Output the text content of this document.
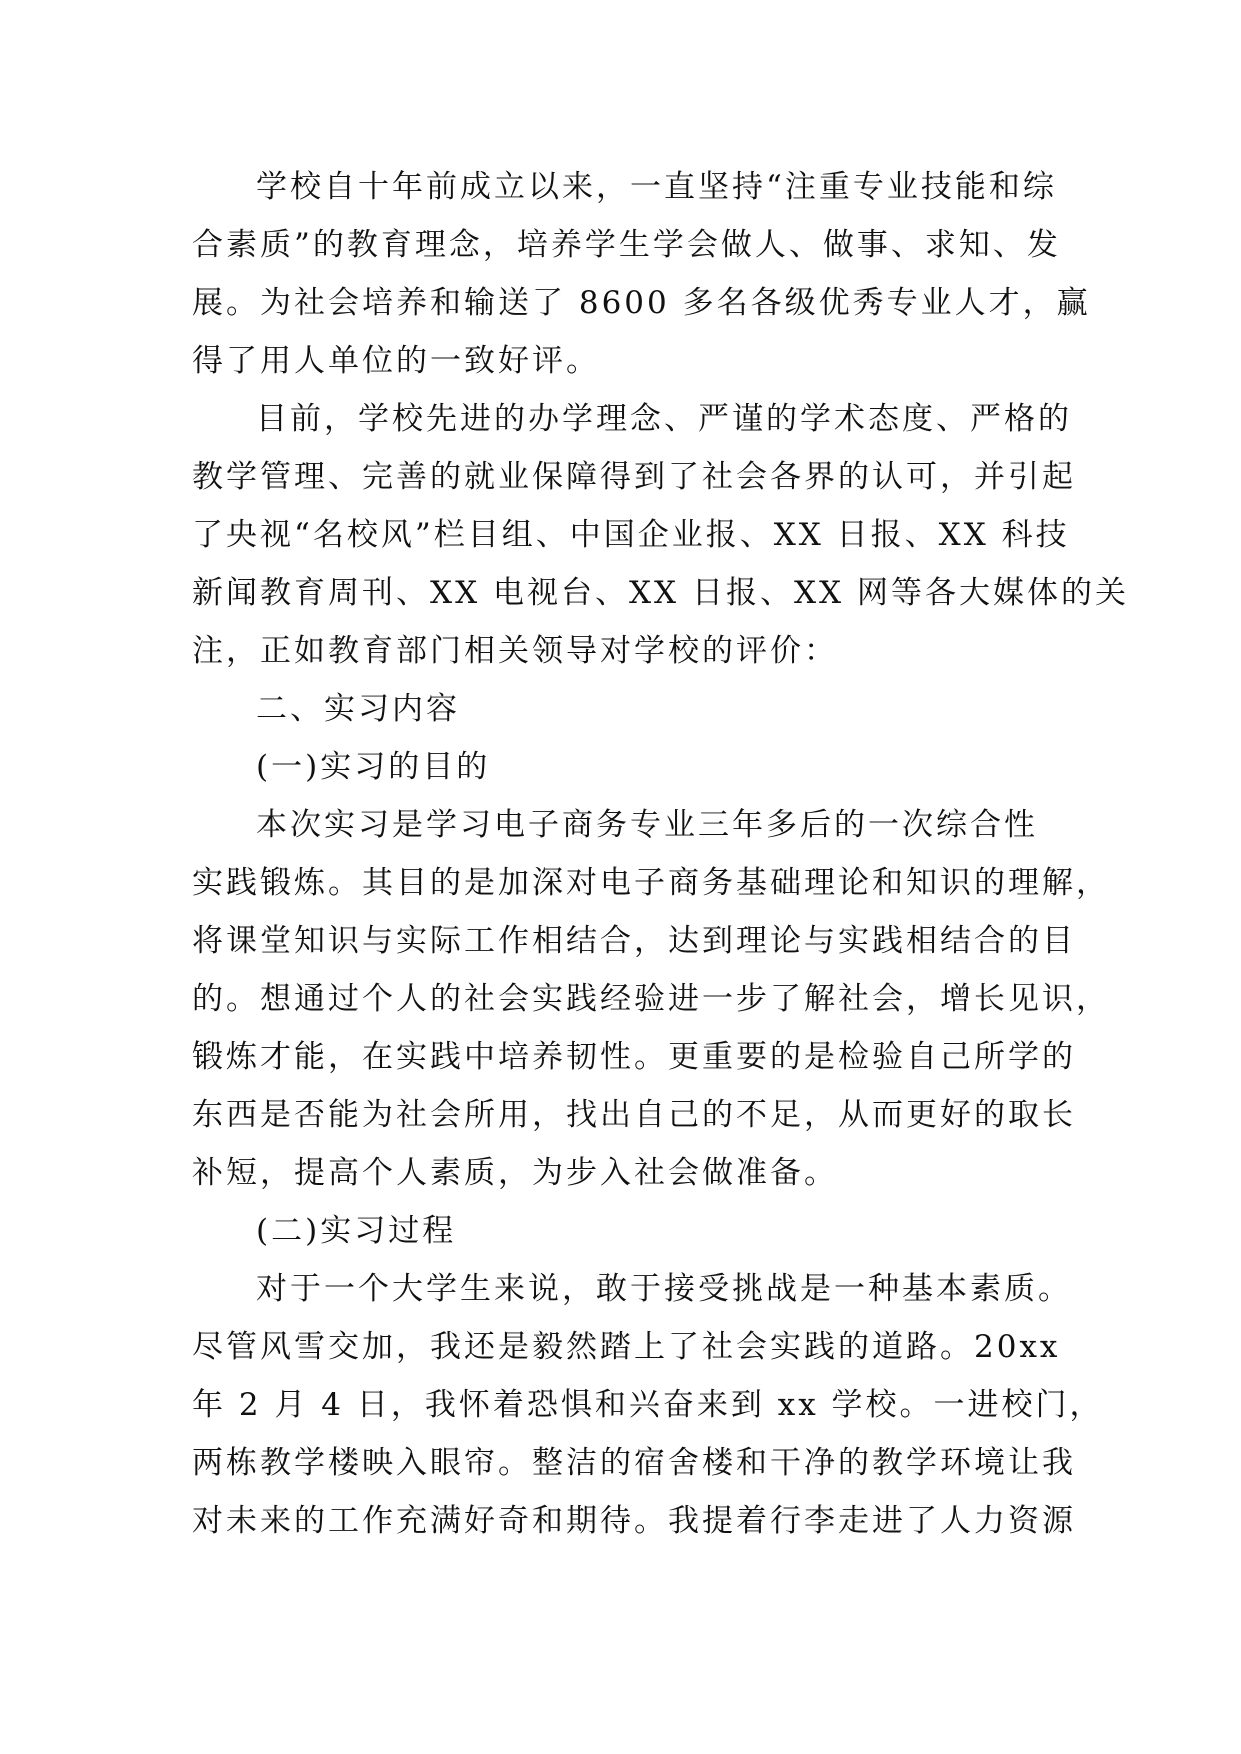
学校自十年前成立以来，一直坚持“注重专业技能和综
合素质”的教育理念，培养学生学会做人、做事、求知、发
展。为社会培养和输送了 8600 多名各级优秀专业人才，赢
得了用人单位的一致好评。
目前，学校先进的办学理念、严谨的学术态度、严格的
教学管理、完善的就业保障得到了社会各界的认可，并引起
了央视“名校风”栏目组、中国企业报、XX 日报、XX 科技
新闻教育周刊、XX 电视台、XX 日报、XX 网等各大媒体的关
注，正如教育部门相关领导对学校的评价：
二、实习内容
(一)实习的目的
本次实习是学习电子商务专业三年多后的一次综合性
实践锻炼。其目的是加深对电子商务基础理论和知识的理解，
将课堂知识与实际工作相结合，达到理论与实践相结合的目
的。想通过个人的社会实践经验进一步了解社会，增长见识，
锻炼才能，在实践中培养韧性。更重要的是检验自己所学的
东西是否能为社会所用，找出自己的不足，从而更好的取长
补短，提高个人素质，为步入社会做准备。
(二)实习过程
对于一个大学生来说，敢于接受挑战是一种基本素质。
尽管风雪交加，我还是毅然踏上了社会实践的道路。20xx
年 2 月 4 日，我怀着恐惧和兴奋来到 xx 学校。一进校门，
两栋教学楼映入眼帘。整洁的宿舍楼和干净的教学环境让我
对未来的工作充满好奇和期待。我提着行李走进了人力资源
